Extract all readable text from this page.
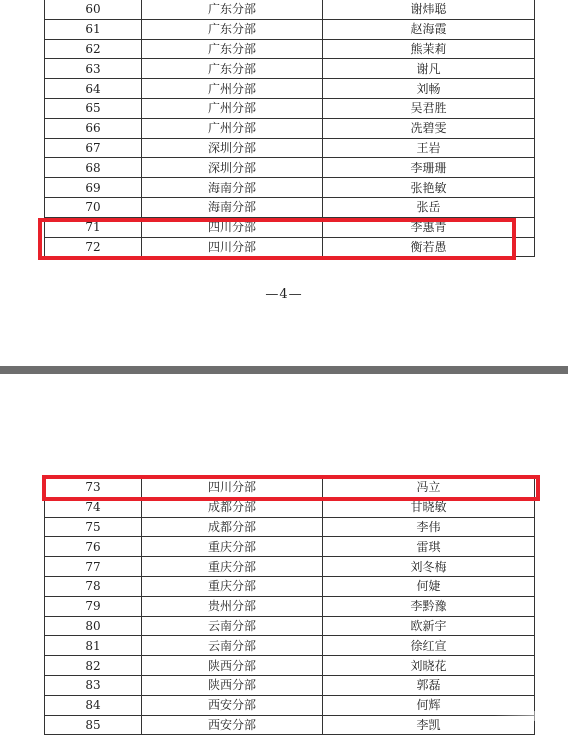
60	广东分部	谢炜聪
61	广东分部	赵海霞
62	广东分部	熊茉莉
63	广东分部	谢凡
64	广州分部	刘畅
65	广州分部	吴君胜
66	广州分部	冼碧雯
67	深圳分部	王岩
68	深圳分部	李珊珊
69	海南分部	张艳敏
70	海南分部	张岳
71	四川分部	李惠青
72	四川分部	衡若愚
—4—
73	四川分部	冯立
74	成都分部	甘晓敏
75	成都分部	李伟
76	重庆分部	雷琪
77	重庆分部	刘冬梅
78	重庆分部	何婕
79	贵州分部	李黔豫
80	云南分部	欧新宇
81	云南分部	徐红宣
82	陕西分部	刘晓花
83	陕西分部	郭磊
84	西安分部	何辉
85	西安分部	李凯
